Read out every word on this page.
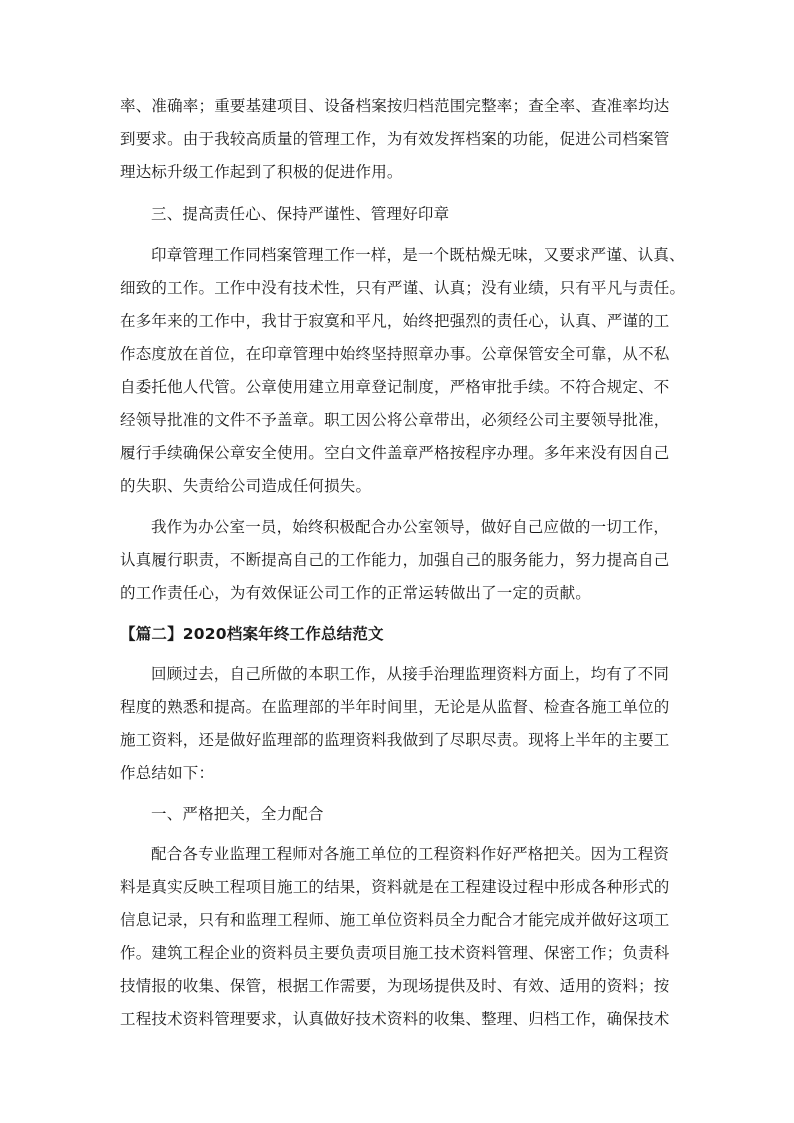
率、准确率；重要基建项目、设备档案按归档范围完整率；查全率、查准率均达
到要求。由于我较高质量的管理工作，为有效发挥档案的功能，促进公司档案管
理达标升级工作起到了积极的促进作用。
三、提高责任心、保持严谨性、管理好印章
印章管理工作同档案管理工作一样，是一个既枯燥无味，又要求严谨、认真、
细致的工作。工作中没有技术性，只有严谨、认真；没有业绩，只有平凡与责任。
在多年来的工作中，我甘于寂寞和平凡，始终把强烈的责任心，认真、严谨的工
作态度放在首位，在印章管理中始终坚持照章办事。公章保管安全可靠，从不私
自委托他人代管。公章使用建立用章登记制度，严格审批手续。不符合规定、不
经领导批准的文件不予盖章。职工因公将公章带出，必须经公司主要领导批准，
履行手续确保公章安全使用。空白文件盖章严格按程序办理。多年来没有因自己
的失职、失责给公司造成任何损失。
我作为办公室一员，始终积极配合办公室领导，做好自己应做的一切工作，
认真履行职责，不断提高自己的工作能力，加强自己的服务能力，努力提高自己
的工作责任心，为有效保证公司工作的正常运转做出了一定的贡献。
【篇二】2020档案年终工作总结范文
回顾过去，自己所做的本职工作，从接手治理监理资料方面上，均有了不同
程度的熟悉和提高。在监理部的半年时间里，无论是从监督、检查各施工单位的
施工资料，还是做好监理部的监理资料我做到了尽职尽责。现将上半年的主要工
作总结如下：
一、严格把关，全力配合
配合各专业监理工程师对各施工单位的工程资料作好严格把关。因为工程资
料是真实反映工程项目施工的结果，资料就是在工程建设过程中形成各种形式的
信息记录，只有和监理工程师、施工单位资料员全力配合才能完成并做好这项工
作。建筑工程企业的资料员主要负责项目施工技术资料管理、保密工作；负责科
技情报的收集、保管，根据工作需要，为现场提供及时、有效、适用的资料；按
工程技术资料管理要求，认真做好技术资料的收集、整理、归档工作，确保技术
